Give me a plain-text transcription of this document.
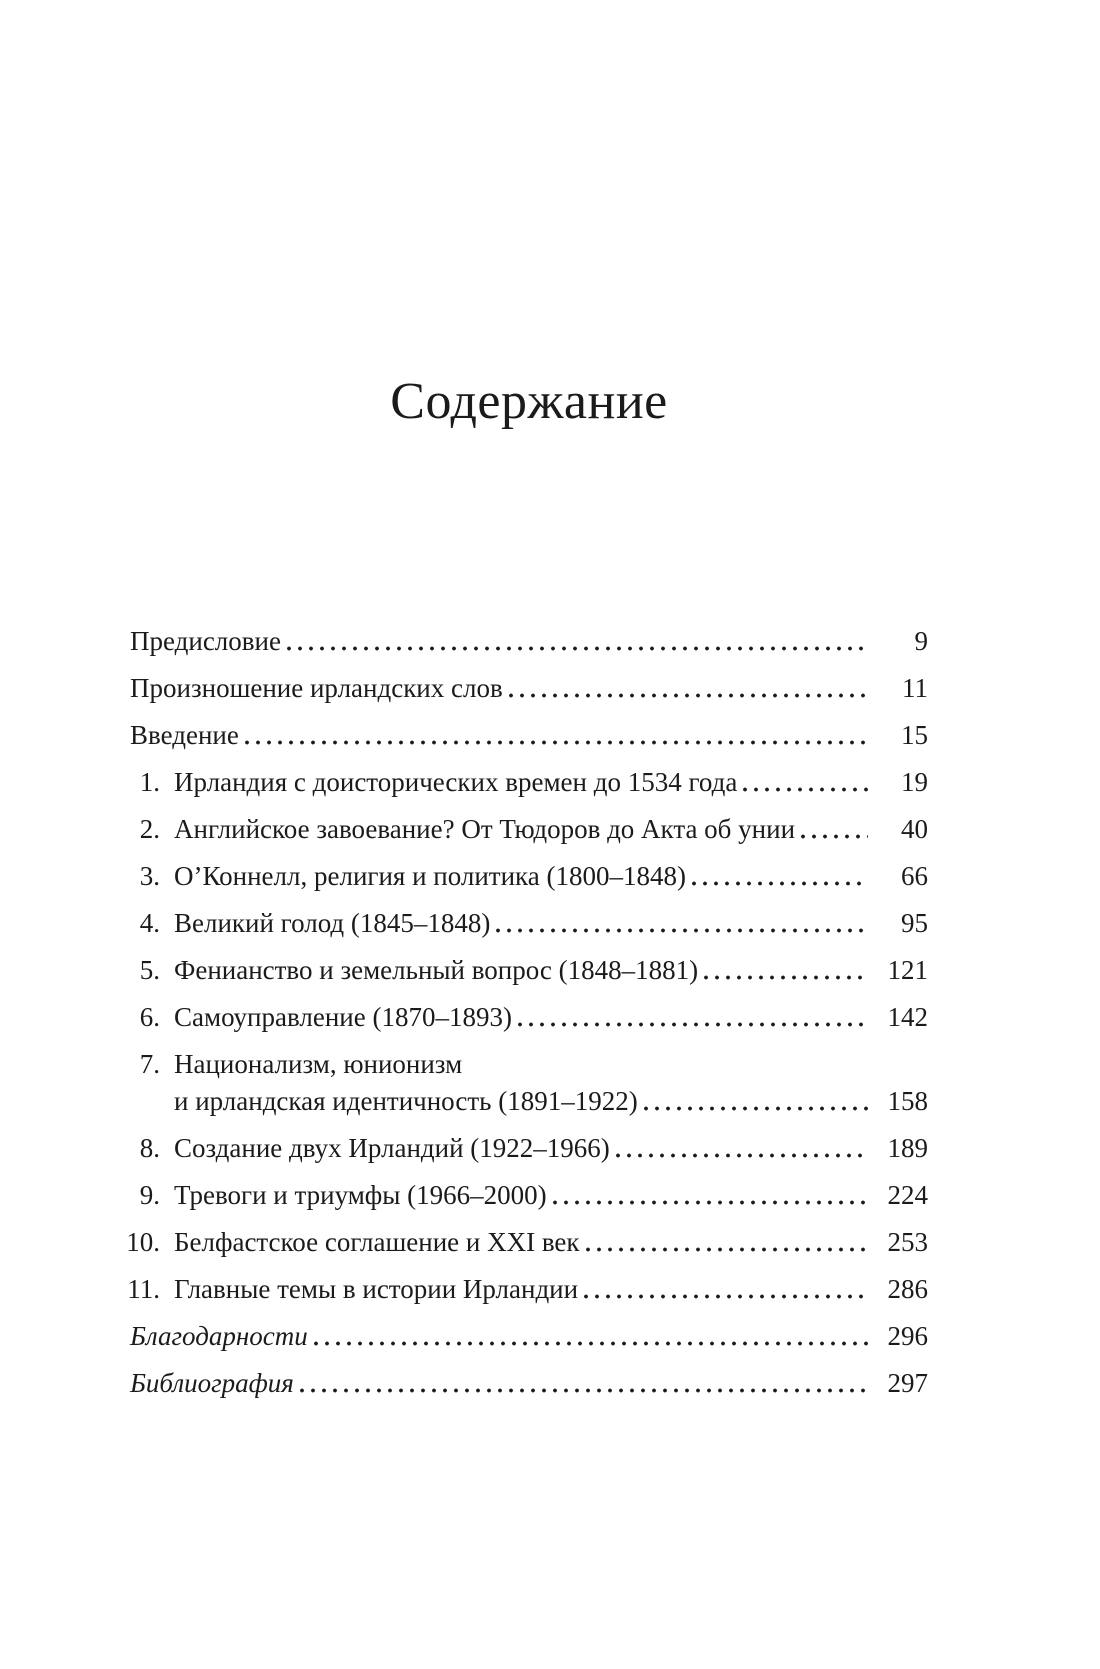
Содержание
Предисловие	9
Произношение ирландских слов	11
Введение	15
1. Ирландия с доисторических времен до 1534 года	19
2. Английское завоевание? От Тюдоров до Акта об унии	40
3. О’Коннелл, религия и политика (1800–1848)	66
4. Великий голод (1845–1848)	95
5. Фенианство и земельный вопрос (1848–1881)	121
6. Самоуправление (1870–1893)	142
7. Национализм, юнионизм
и ирландская идентичность (1891–1922)	158
8. Создание двух Ирландий (1922–1966)	189
9. Тревоги и триумфы (1966–2000)	224
10. Белфастское соглашение и XXI век	253
11. Главные темы в истории Ирландии	286
Благодарности	296
Библиография	297
